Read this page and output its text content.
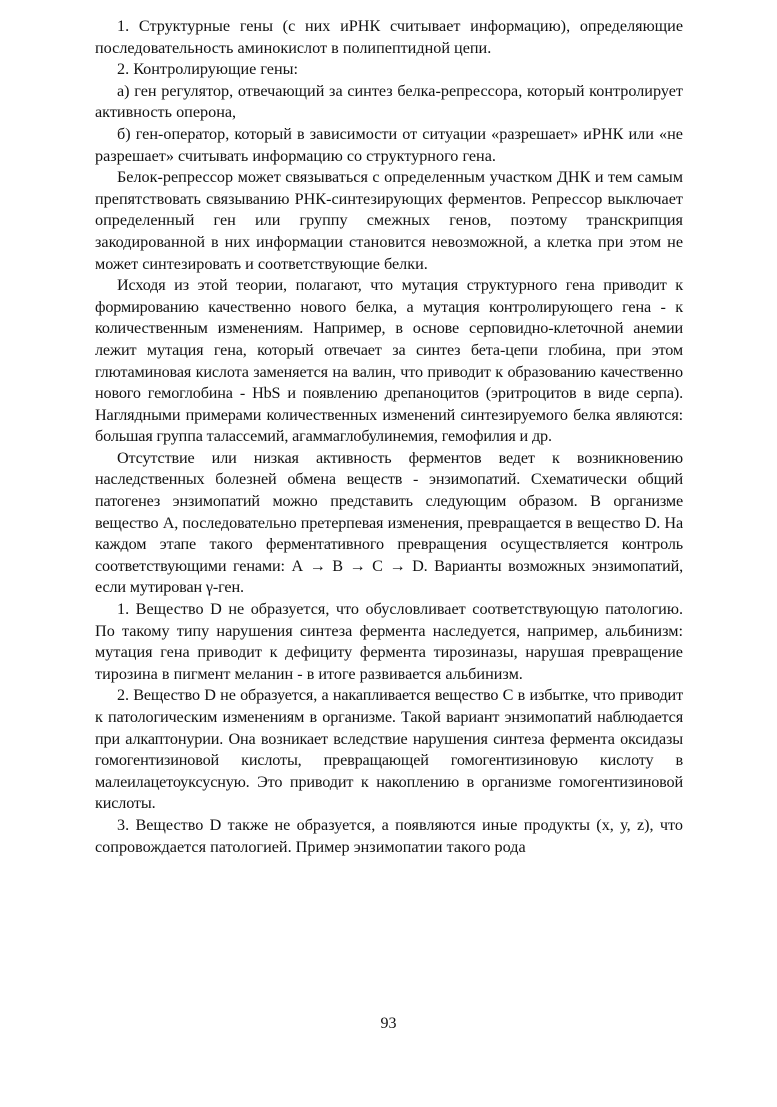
1. Структурные гены (с них иРНК считывает информацию), определяющие последовательность аминокислот в полипептидной цепи.

2. Контролирующие гены:

а) ген регулятор, отвечающий за синтез белка-репрессора, который контролирует активность оперона,

б) ген-оператор, который в зависимости от ситуации «разрешает» иРНК или «не разрешает» считывать информацию со структурного гена.

Белок-репрессор может связываться с определенным участком ДНК и тем самым препятствовать связыванию РНК-синтезирующих ферментов. Репрессор выключает определенный ген или группу смежных генов, поэтому транскрипция закодированной в них информации становится невозможной, а клетка при этом не может синтезировать и соответствующие белки.

Исходя из этой теории, полагают, что мутация структурного гена приводит к формированию качественно нового белка, а мутация контролирующего гена - к количественным изменениям. Например, в основе серповидно-клеточной анемии лежит мутация гена, который отвечает за синтез бета-цепи глобина, при этом глютаминовая кислота заменяется на валин, что приводит к образованию качественно нового гемоглобина - HbS и появлению дрепаноцитов (эритроцитов в виде серпа). Наглядными примерами количественных изменений синтезируемого белка являются: большая группа талассемий, агаммаглобулинемия, гемофилия и др.

Отсутствие или низкая активность ферментов ведет к возникновению наследственных болезней обмена веществ - энзимопатий. Схематически общий патогенез энзимопатий можно представить следующим образом. В организме вещество А, последовательно претерпевая изменения, превращается в вещество D. На каждом этапе такого ферментативного превращения осуществляется контроль соответствующими генами: А → В → С → D. Варианты возможных энзимопатий, если мутирован γ-ген.

1. Вещество D не образуется, что обусловливает соответствующую патологию. По такому типу нарушения синтеза фермента наследуется, например, альбинизм: мутация гена приводит к дефициту фермента тирозиназы, нарушая превращение тирозина в пигмент меланин - в итоге развивается альбинизм.

2. Вещество D не образуется, а накапливается вещество С в избытке, что приводит к патологическим изменениям в организме. Такой вариант энзимопатий наблюдается при алкаптонурии. Она возникает вследствие нарушения синтеза фермента оксидазы гомогентизиновой кислоты, превращающей гомогентизиновую кислоту в малеилацетоуксусную. Это приводит к накоплению в организме гомогентизиновой кислоты.

3. Вещество D также не образуется, а появляются иные продукты (х, у, z), что сопровождается патологией. Пример энзимопатии такого рода

93
